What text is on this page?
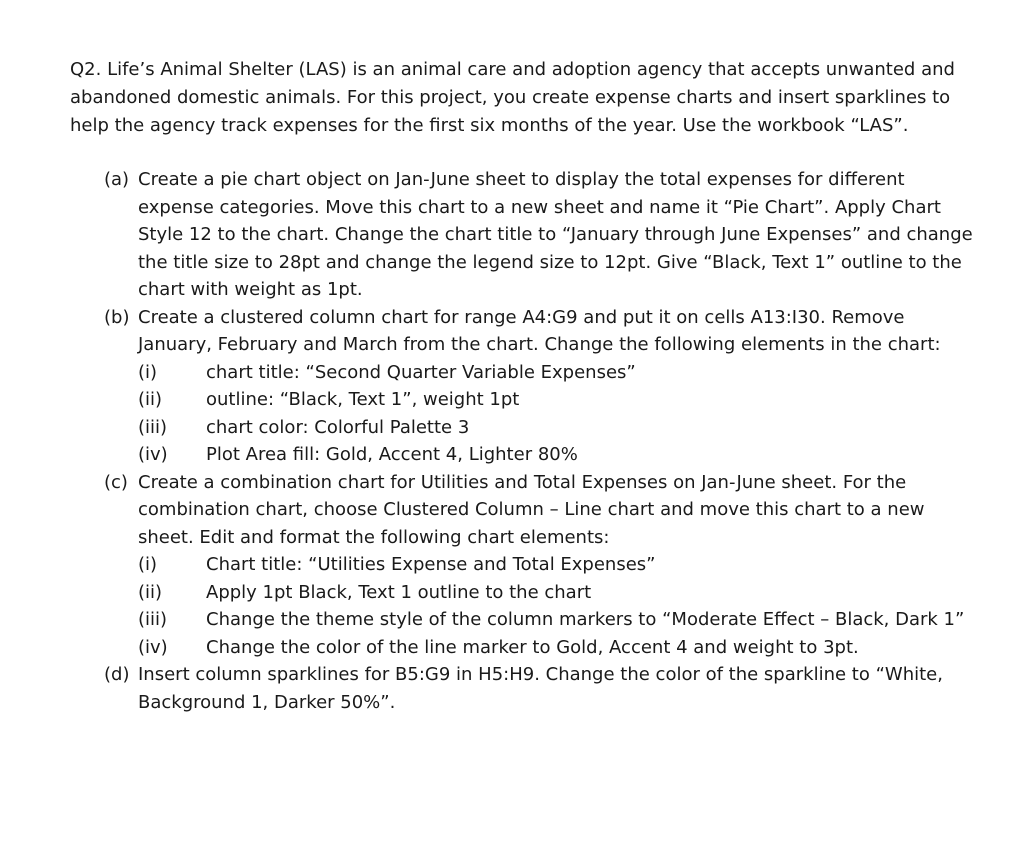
Q2. Life’s Animal Shelter (LAS) is an animal care and adoption agency that accepts unwanted and abandoned domestic animals. For this project, you create expense charts and insert sparklines to help the agency track expenses for the first six months of the year. Use the workbook “LAS”.

(a) Create a pie chart object on Jan-June sheet to display the total expenses for different expense categories. Move this chart to a new sheet and name it “Pie Chart”. Apply Chart Style 12 to the chart. Change the chart title to “January through June Expenses” and change the title size to 28pt and change the legend size to 12pt. Give “Black, Text 1” outline to the chart with weight as 1pt.
(b) Create a clustered column chart for range A4:G9 and put it on cells A13:I30. Remove January, February and March from the chart. Change the following elements in the chart:
(i)	chart title: “Second Quarter Variable Expenses”
(ii)	outline: “Black, Text 1”, weight 1pt
(iii)	chart color: Colorful Palette 3
(iv)	Plot Area fill: Gold, Accent 4, Lighter 80%
(c) Create a combination chart for Utilities and Total Expenses on Jan-June sheet. For the combination chart, choose Clustered Column – Line chart and move this chart to a new sheet. Edit and format the following chart elements:
(i)	Chart title: “Utilities Expense and Total Expenses”
(ii)	Apply 1pt Black, Text 1 outline to the chart
(iii)	Change the theme style of the column markers to “Moderate Effect – Black, Dark 1”
(iv)	Change the color of the line marker to Gold, Accent 4 and weight to 3pt.
(d) Insert column sparklines for B5:G9 in H5:H9. Change the color of the sparkline to “White, Background 1, Darker 50%”.
